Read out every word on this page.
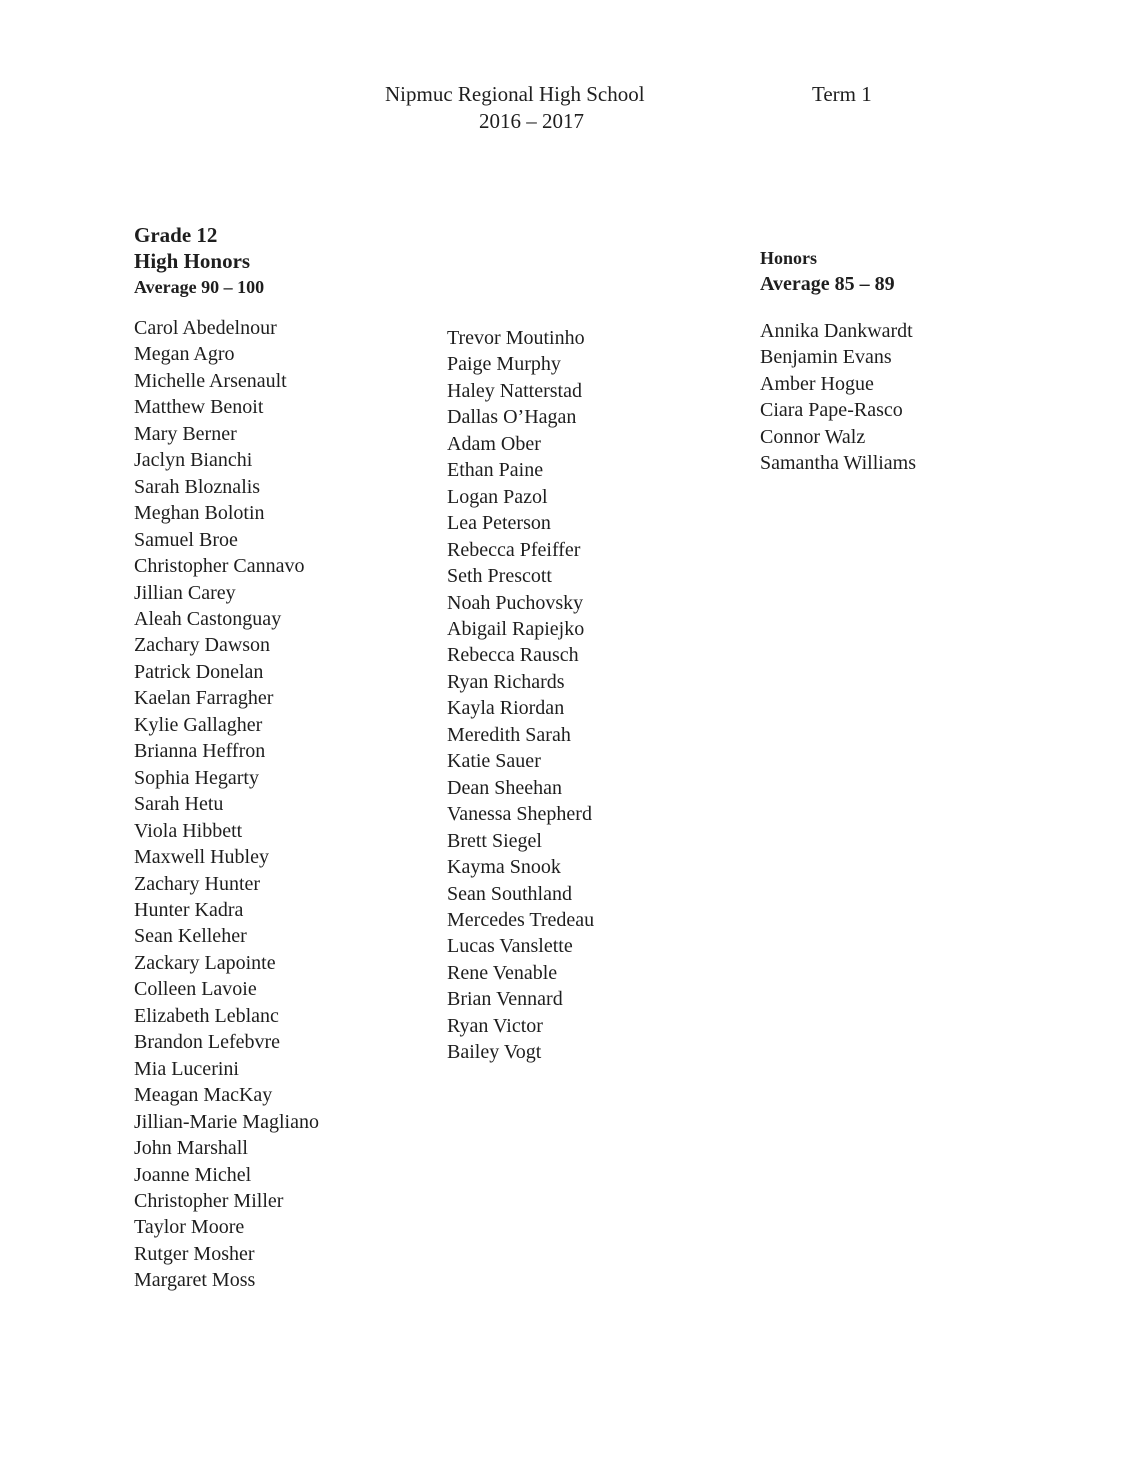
Nipmuc Regional High School	Term 1
2016 – 2017
Grade 12
High Honors
Average 90 – 100
Honors
Average 85 – 89
Carol Abedelnour
Megan Agro
Michelle Arsenault
Matthew Benoit
Mary Berner
Jaclyn Bianchi
Sarah Bloznalis
Meghan Bolotin
Samuel Broe
Christopher Cannavo
Jillian Carey
Aleah Castonguay
Zachary Dawson
Patrick Donelan
Kaelan Farragher
Kylie Gallagher
Brianna Heffron
Sophia Hegarty
Sarah Hetu
Viola Hibbett
Maxwell Hubley
Zachary Hunter
Hunter Kadra
Sean Kelleher
Zackary Lapointe
Colleen Lavoie
Elizabeth Leblanc
Brandon Lefebvre
Mia Lucerini
Meagan MacKay
Jillian-Marie Magliano
John Marshall
Joanne Michel
Christopher Miller
Taylor Moore
Rutger Mosher
Margaret Moss
Trevor Moutinho
Paige Murphy
Haley Natterstad
Dallas O’Hagan
Adam Ober
Ethan Paine
Logan Pazol
Lea Peterson
Rebecca Pfeiffer
Seth Prescott
Noah Puchovsky
Abigail Rapiejko
Rebecca Rausch
Ryan Richards
Kayla Riordan
Meredith Sarah
Katie Sauer
Dean Sheehan
Vanessa Shepherd
Brett Siegel
Kayma Snook
Sean Southland
Mercedes Tredeau
Lucas Vanslette
Rene Venable
Brian Vennard
Ryan Victor
Bailey Vogt
Annika Dankwardt
Benjamin Evans
Amber Hogue
Ciara Pape-Rasco
Connor Walz
Samantha Williams
